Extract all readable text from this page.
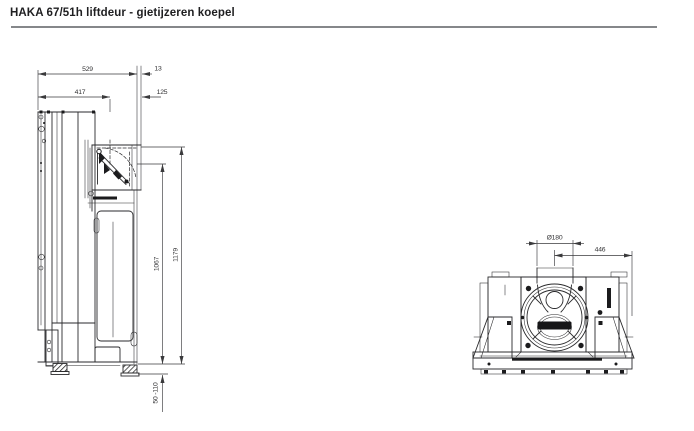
HAKA 67/51h liftdeur - gietijzeren koepel
529	13
417	125
1067
1179
50 -110
Ø180
446
